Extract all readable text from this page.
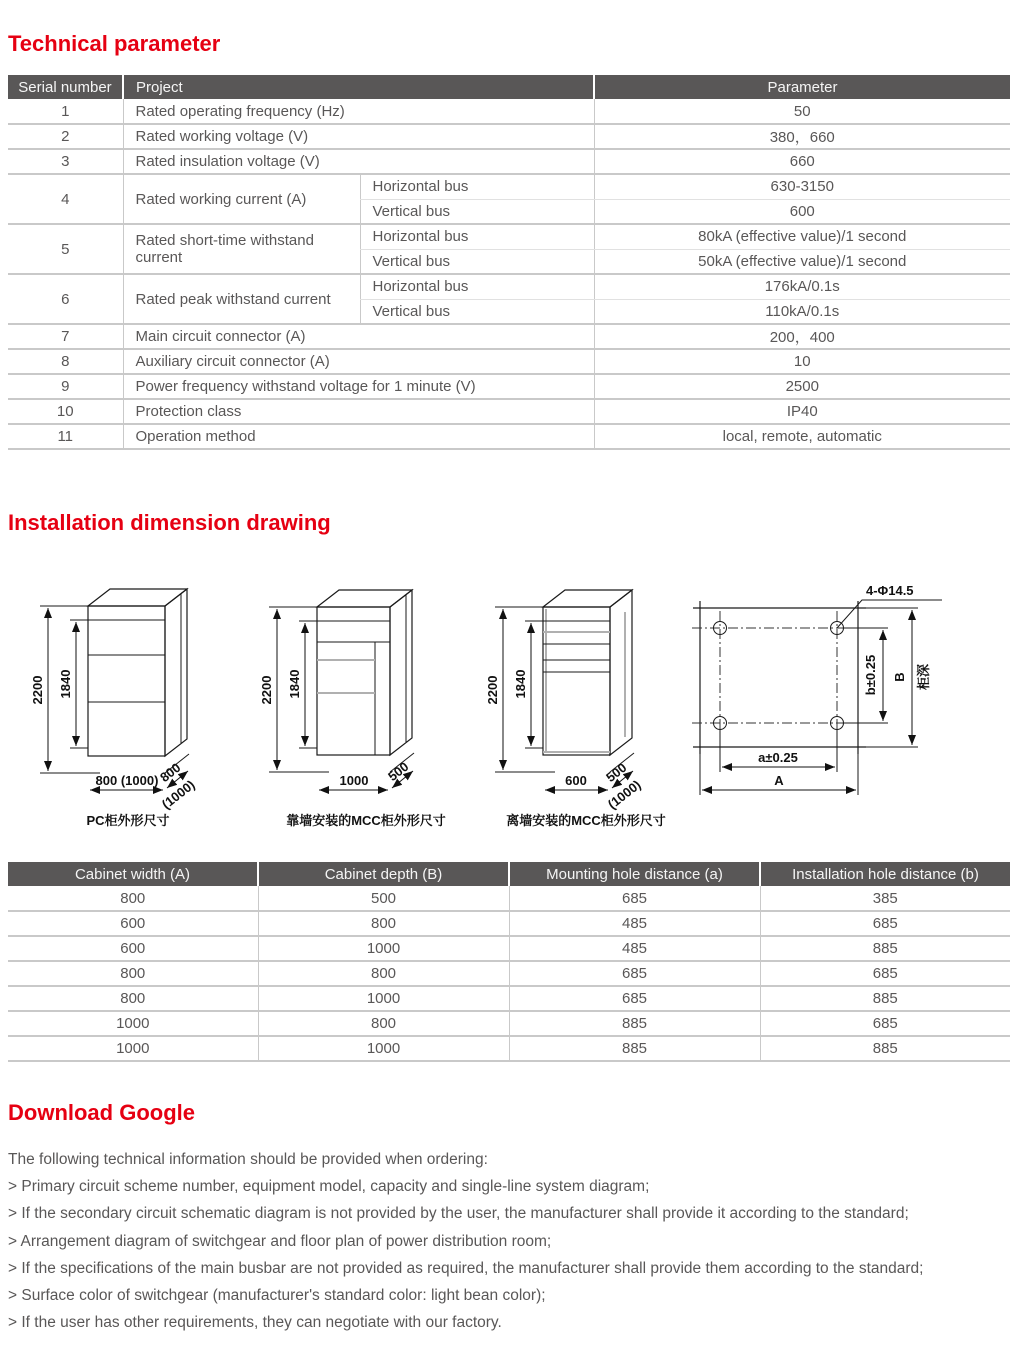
Technical parameter
Serial number	Project		Parameter
1	Rated operating frequency (Hz)		50
2	Rated working voltage (V)		380，660
3	Rated insulation voltage (V)		660
4	Rated working current (A)	Horizontal bus	630-3150
		Vertical bus	600
5	Rated short-time withstand current	Horizontal bus	80kA (effective value)/1 second
		Vertical bus	50kA (effective value)/1 second
6	Rated peak withstand current	Horizontal bus	176kA/0.1s
		Vertical bus	110kA/0.1s
7	Main circuit connector (A)		200，400
8	Auxiliary circuit connector (A)		10
9	Power frequency withstand voltage for 1 minute (V)		2500
10	Protection class		IP40
11	Operation method		local, remote, automatic
Installation dimension drawing
2200 1840
800 (1000)
800
(1000)
2200 1840
1000 500
2200 1840
600 500
(1000)
4-Φ14.5
b±0.25 B 柜深
a±0.25
A
PC柜外形尺寸	靠墙安装的MCC柜外形尺寸	离墙安装的MCC柜外形尺寸
Cabinet width (A)	Cabinet depth (B)	Mounting hole distance (a)	Installation hole distance (b)
800	500	685	385
600	800	485	685
600	1000	485	885
800	800	685	685
800	1000	685	885
1000	800	885	685
1000	1000	885	885
Download Google
The following technical information should be provided when ordering:
> Primary circuit scheme number, equipment model, capacity and single-line system diagram;
> If the secondary circuit schematic diagram is not provided by the user, the manufacturer shall provide it according to the standard;
> Arrangement diagram of switchgear and floor plan of power distribution room;
> If the specifications of the main busbar are not provided as required, the manufacturer shall provide them according to the standard;
> Surface color of switchgear (manufacturer's standard color: light bean color);
> If the user has other requirements, they can negotiate with our factory.
